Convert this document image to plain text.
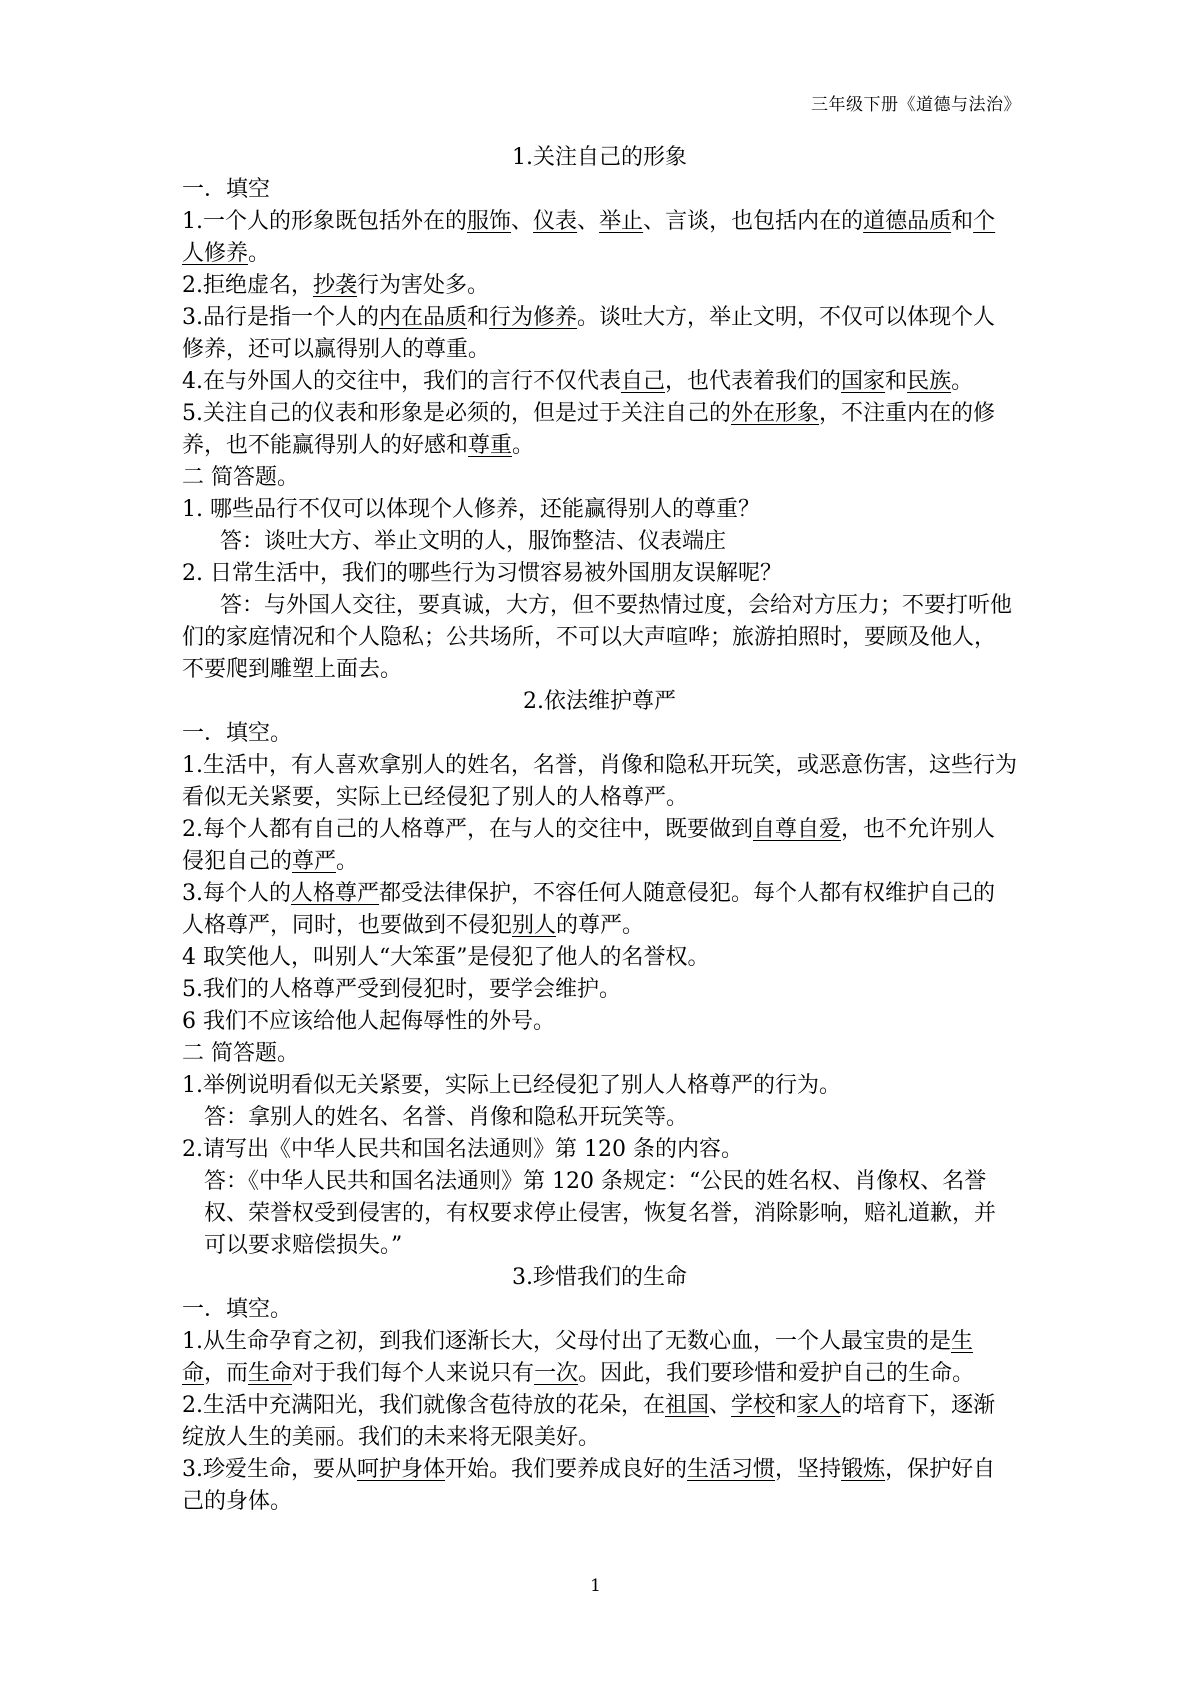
三年级下册《道德与法治》

1.关注自己的形象

一．填空

1.一个人的形象既包括外在的服饰、仪表、举止、言谈，也包括内在的道德品质和个人修养。

2.拒绝虚名，抄袭行为害处多。

3.品行是指一个人的内在品质和行为修养。谈吐大方，举止文明，不仅可以体现个人修养，还可以赢得别人的尊重。

4.在与外国人的交往中，我们的言行不仅代表自己，也代表着我们的国家和民族。

5.关注自己的仪表和形象是必须的，但是过于关注自己的外在形象，不注重内在的修养，也不能赢得别人的好感和尊重。

二 简答题。

1. 哪些品行不仅可以体现个人修养，还能赢得别人的尊重？

答：谈吐大方、举止文明的人，服饰整洁、仪表端庄

2. 日常生活中，我们的哪些行为习惯容易被外国朋友误解呢？

答：与外国人交往，要真诚，大方，但不要热情过度，会给对方压力；不要打听他们的家庭情况和个人隐私；公共场所，不可以大声喧哗；旅游拍照时，要顾及他人，不要爬到雕塑上面去。

2.依法维护尊严

一．填空。

1.生活中，有人喜欢拿别人的姓名，名誉，肖像和隐私开玩笑，或恶意伤害，这些行为看似无关紧要，实际上已经侵犯了别人的人格尊严。

2.每个人都有自己的人格尊严，在与人的交往中，既要做到自尊自爱，也不允许别人侵犯自己的尊严。

3.每个人的人格尊严都受法律保护，不容任何人随意侵犯。每个人都有权维护自己的人格尊严，同时，也要做到不侵犯别人的尊严。

4 取笑他人，叫别人“大笨蛋”是侵犯了他人的名誉权。

5.我们的人格尊严受到侵犯时，要学会维护。

6 我们不应该给他人起侮辱性的外号。

二 简答题。

1.举例说明看似无关紧要，实际上已经侵犯了别人人格尊严的行为。

答：拿别人的姓名、名誉、肖像和隐私开玩笑等。

2.请写出《中华人民共和国名法通则》第 120 条的内容。

答：《中华人民共和国名法通则》第 120 条规定：“公民的姓名权、肖像权、名誉权、荣誉权受到侵害的，有权要求停止侵害，恢复名誉，消除影响，赔礼道歉，并可以要求赔偿损失。”

3.珍惜我们的生命

一．填空。

1.从生命孕育之初，到我们逐渐长大，父母付出了无数心血，一个人最宝贵的是生命，而生命对于我们每个人来说只有一次。因此，我们要珍惜和爱护自己的生命。

2.生活中充满阳光，我们就像含苞待放的花朵，在祖国、学校和家人的培育下，逐渐绽放人生的美丽。我们的未来将无限美好。

3.珍爱生命，要从呵护身体开始。我们要养成良好的生活习惯，坚持锻炼，保护好自己的身体。

1
